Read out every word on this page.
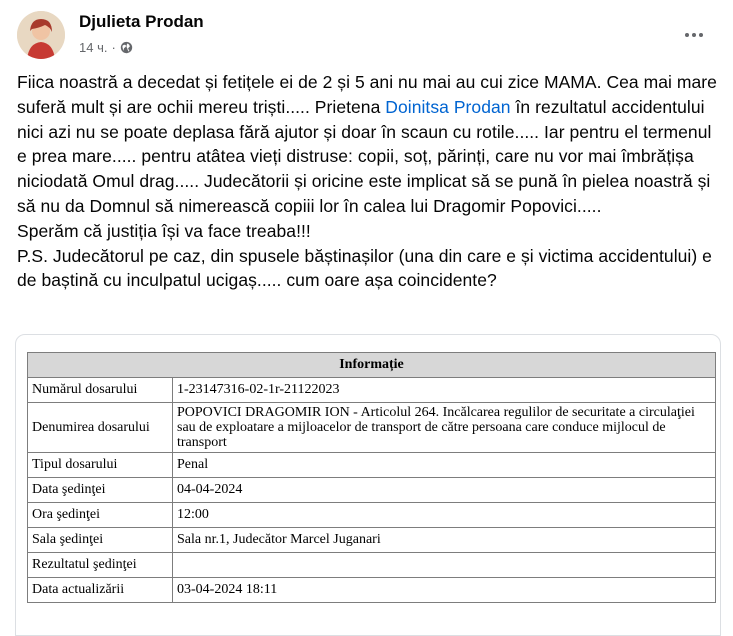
Djulieta Prodan
14 ч. ·

Fiica noastră a decedat și fetițele ei de 2 și 5 ani nu mai au cui zice MAMA. Cea mai mare suferă mult și are ochii mereu triști..... Prietena Doinitsa Prodan în rezultatul accidentului nici azi nu se poate deplasa fără ajutor și doar în scaun cu rotile..... Iar pentru el termenul e prea mare..... pentru atâtea vieți distruse: copii, soț, părinți, care nu vor mai îmbrățișa niciodată Omul drag..... Judecătorii și oricine este implicat să se pună în pielea noastră și să nu da Domnul să nimerească copiii lor în calea lui Dragomir Popovici.....

Sperăm că justiția își va face treaba!!!

P.S. Judecătorul pe caz, din spusele băștinașilor (una din care e și victima accidentului) e de baștină cu inculpatul ucigaș..... cum oare așa coincidente?

Informație	
Numărul dosarului	1-23147316-02-1r-21122023
Denumirea dosarului	POPOVICI DRAGOMIR ION - Articolul 264. Incălcarea regulilor de securitate a circulaţiei sau de exploatare a mijloacelor de transport de către persoana care conduce mijlocul de transport
Tipul dosarului	Penal
Data şedinţei	04-04-2024
Ora şedinţei	12:00
Sala şedinţei	Sala nr.1, Judecător Marcel Juganari
Rezultatul şedinţei	
Data actualizării	03-04-2024 18:11
